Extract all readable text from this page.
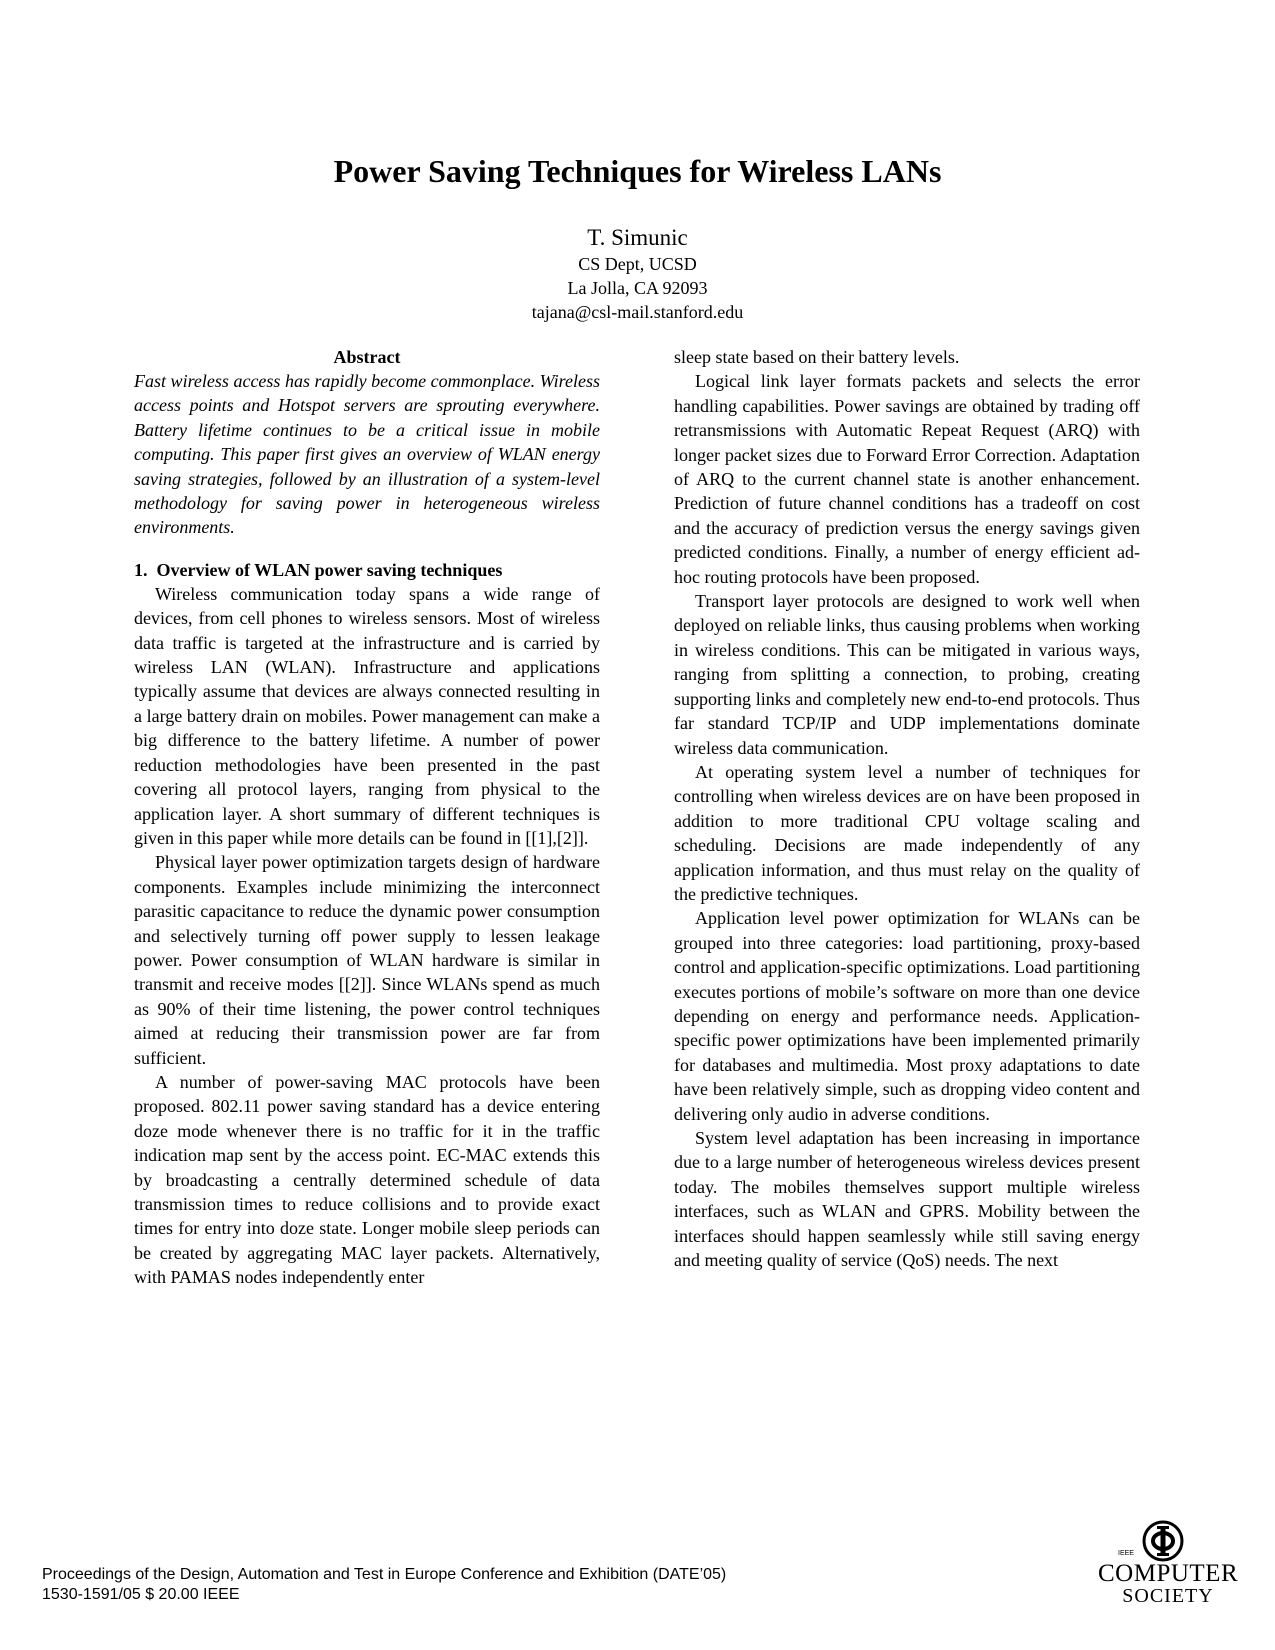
Power Saving Techniques for Wireless LANs
T. Simunic
CS Dept, UCSD
La Jolla, CA 92093
tajana@csl-mail.stanford.edu
Abstract

Fast wireless access has rapidly become commonplace. Wireless access points and Hotspot servers are sprouting everywhere. Battery lifetime continues to be a critical issue in mobile computing. This paper first gives an overview of WLAN energy saving strategies, followed by an illustration of a system-level methodology for saving power in heterogeneous wireless environments.

1.  Overview of WLAN power saving techniques

Wireless communication today spans a wide range of devices, from cell phones to wireless sensors. Most of wireless data traffic is targeted at the infrastructure and is carried by wireless LAN (WLAN). Infrastructure and applications typically assume that devices are always connected resulting in a large battery drain on mobiles. Power management can make a big difference to the battery lifetime. A number of power reduction methodologies have been presented in the past covering all protocol layers, ranging from physical to the application layer. A short summary of different techniques is given in this paper while more details can be found in [[1],[2]].

Physical layer power optimization targets design of hardware components. Examples include minimizing the interconnect parasitic capacitance to reduce the dynamic power consumption and selectively turning off power supply to lessen leakage power. Power consumption of WLAN hardware is similar in transmit and receive modes [[2]]. Since WLANs spend as much as 90% of their time listening, the power control techniques aimed at reducing their transmission power are far from sufficient.

A number of power-saving MAC protocols have been proposed. 802.11 power saving standard has a device entering doze mode whenever there is no traffic for it in the traffic indication map sent by the access point. EC-MAC extends this by broadcasting a centrally determined schedule of data transmission times to reduce collisions and to provide exact times for entry into doze state. Longer mobile sleep periods can be created by aggregating MAC layer packets. Alternatively, with PAMAS nodes independently enter

sleep state based on their battery levels.

Logical link layer formats packets and selects the error handling capabilities. Power savings are obtained by trading off retransmissions with Automatic Repeat Request (ARQ) with longer packet sizes due to Forward Error Correction. Adaptation of ARQ to the current channel state is another enhancement. Prediction of future channel conditions has a tradeoff on cost and the accuracy of prediction versus the energy savings given predicted conditions. Finally, a number of energy efficient ad-hoc routing protocols have been proposed.

Transport layer protocols are designed to work well when deployed on reliable links, thus causing problems when working in wireless conditions. This can be mitigated in various ways, ranging from splitting a connection, to probing, creating supporting links and completely new end-to-end protocols. Thus far standard TCP/IP and UDP implementations dominate wireless data communication.

At operating system level a number of techniques for controlling when wireless devices are on have been proposed in addition to more traditional CPU voltage scaling and scheduling. Decisions are made independently of any application information, and thus must relay on the quality of the predictive techniques.

Application level power optimization for WLANs can be grouped into three categories: load partitioning, proxy-based control and application-specific optimizations. Load partitioning executes portions of mobile’s software on more than one device depending on energy and performance needs. Application-specific power optimizations have been implemented primarily for databases and multimedia. Most proxy adaptations to date have been relatively simple, such as dropping video content and delivering only audio in adverse conditions.

System level adaptation has been increasing in importance due to a large number of heterogeneous wireless devices present today. The mobiles themselves support multiple wireless interfaces, such as WLAN and GPRS. Mobility between the interfaces should happen seamlessly while still saving energy and meeting quality of service (QoS) needs. The next

Proceedings of the Design, Automation and Test in Europe Conference and Exhibition (DATE’05)
1530-1591/05 $ 20.00 IEEE
IEEE
COMPUTER
SOCIETY
